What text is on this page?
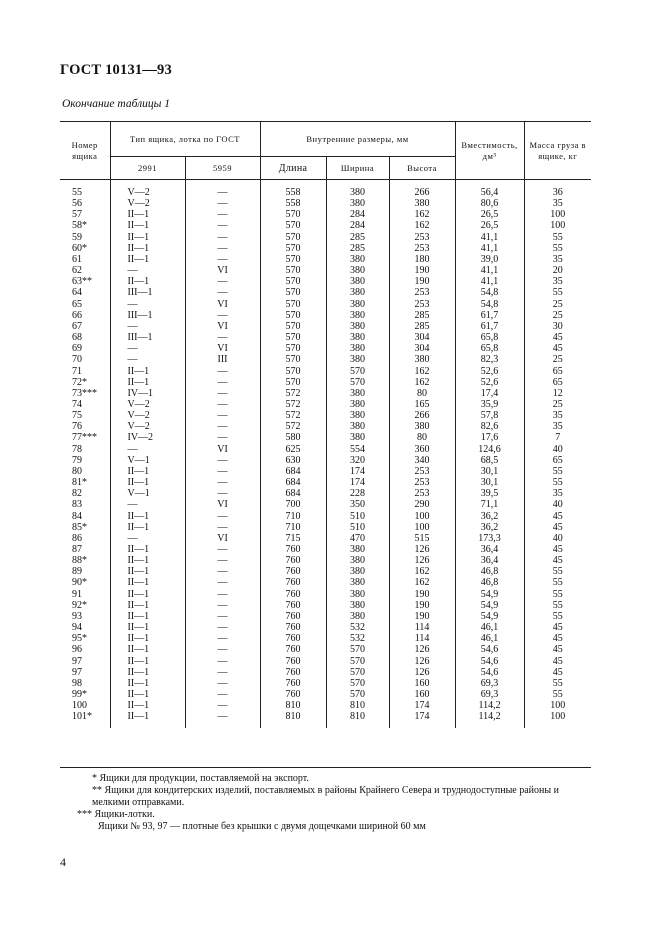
ГОСТ 10131—93
Окончание таблицы 1
Номер ящика	Тип ящика, лотка по ГОСТ		Внутренние размеры, мм			Вместимость, дм³	Масса груза в ящике, кг
	2991	5959	Длина	Ширина	Высота		

55	V—2	—	558	380	266	56,4	36
56	V—2	—	558	380	380	80,6	35
57	II—1	—	570	284	162	26,5	100
58*	II—1	—	570	284	162	26,5	100
59	II—1	—	570	285	253	41,1	55
60*	II—1	—	570	285	253	41,1	55
61	II—1	—	570	380	180	39,0	35
62	—	VI	570	380	190	41,1	20
63**	II—1	—	570	380	190	41,1	35
64	III—1	—	570	380	253	54,8	55
65	—	VI	570	380	253	54,8	25
66	III—1	—	570	380	285	61,7	25
67	—	VI	570	380	285	61,7	30
68	III—1	—	570	380	304	65,8	45
69	—	VI	570	380	304	65,8	45
70	—	III	570	380	380	82,3	25
71	II—1	—	570	570	162	52,6	65
72*	II—1	—	570	570	162	52,6	65
73***	IV—1	—	572	380	80	17,4	12
74	V—2	—	572	380	165	35,9	25
75	V—2	—	572	380	266	57,8	35
76	V—2	—	572	380	380	82,6	35
77***	IV—2	—	580	380	80	17,6	7
78	—	VI	625	554	360	124,6	40
79	V—1	—	630	320	340	68,5	65
80	II—1	—	684	174	253	30,1	55
81*	II—1	—	684	174	253	30,1	55
82	V—1	—	684	228	253	39,5	35
83	—	VI	700	350	290	71,1	40
84	II—1	—	710	510	100	36,2	45
85*	II—1	—	710	510	100	36,2	45
86	—	VI	715	470	515	173,3	40
87	II—1	—	760	380	126	36,4	45
88*	II—1	—	760	380	126	36,4	45
89	II—1	—	760	380	162	46,8	55
90*	II—1	—	760	380	162	46,8	55
91	II—1	—	760	380	190	54,9	55
92*	II—1	—	760	380	190	54,9	55
93	II—1	—	760	380	190	54,9	55
94	II—1	—	760	532	114	46,1	45
95*	II—1	—	760	532	114	46,1	45
96	II—1	—	760	570	126	54,6	45
97	II—1	—	760	570	126	54,6	45
97	II—1	—	760	570	126	54,6	45
98	II—1	—	760	570	160	69,3	55
99*	II—1	—	760	570	160	69,3	55
100	II—1	—	810	810	174	114,2	100
101*	II—1	—	810	810	174	114,2	100

* Ящики для продукции, поставляемой на экспорт.

** Ящики для кондитерских изделий, поставляемых в районы Крайнего Севера и труднодоступные районы и мелкими отправками.

*** Ящики-лотки.

Ящики № 93, 97 — плотные без крышки с двумя дощечками шириной 60 мм

4
